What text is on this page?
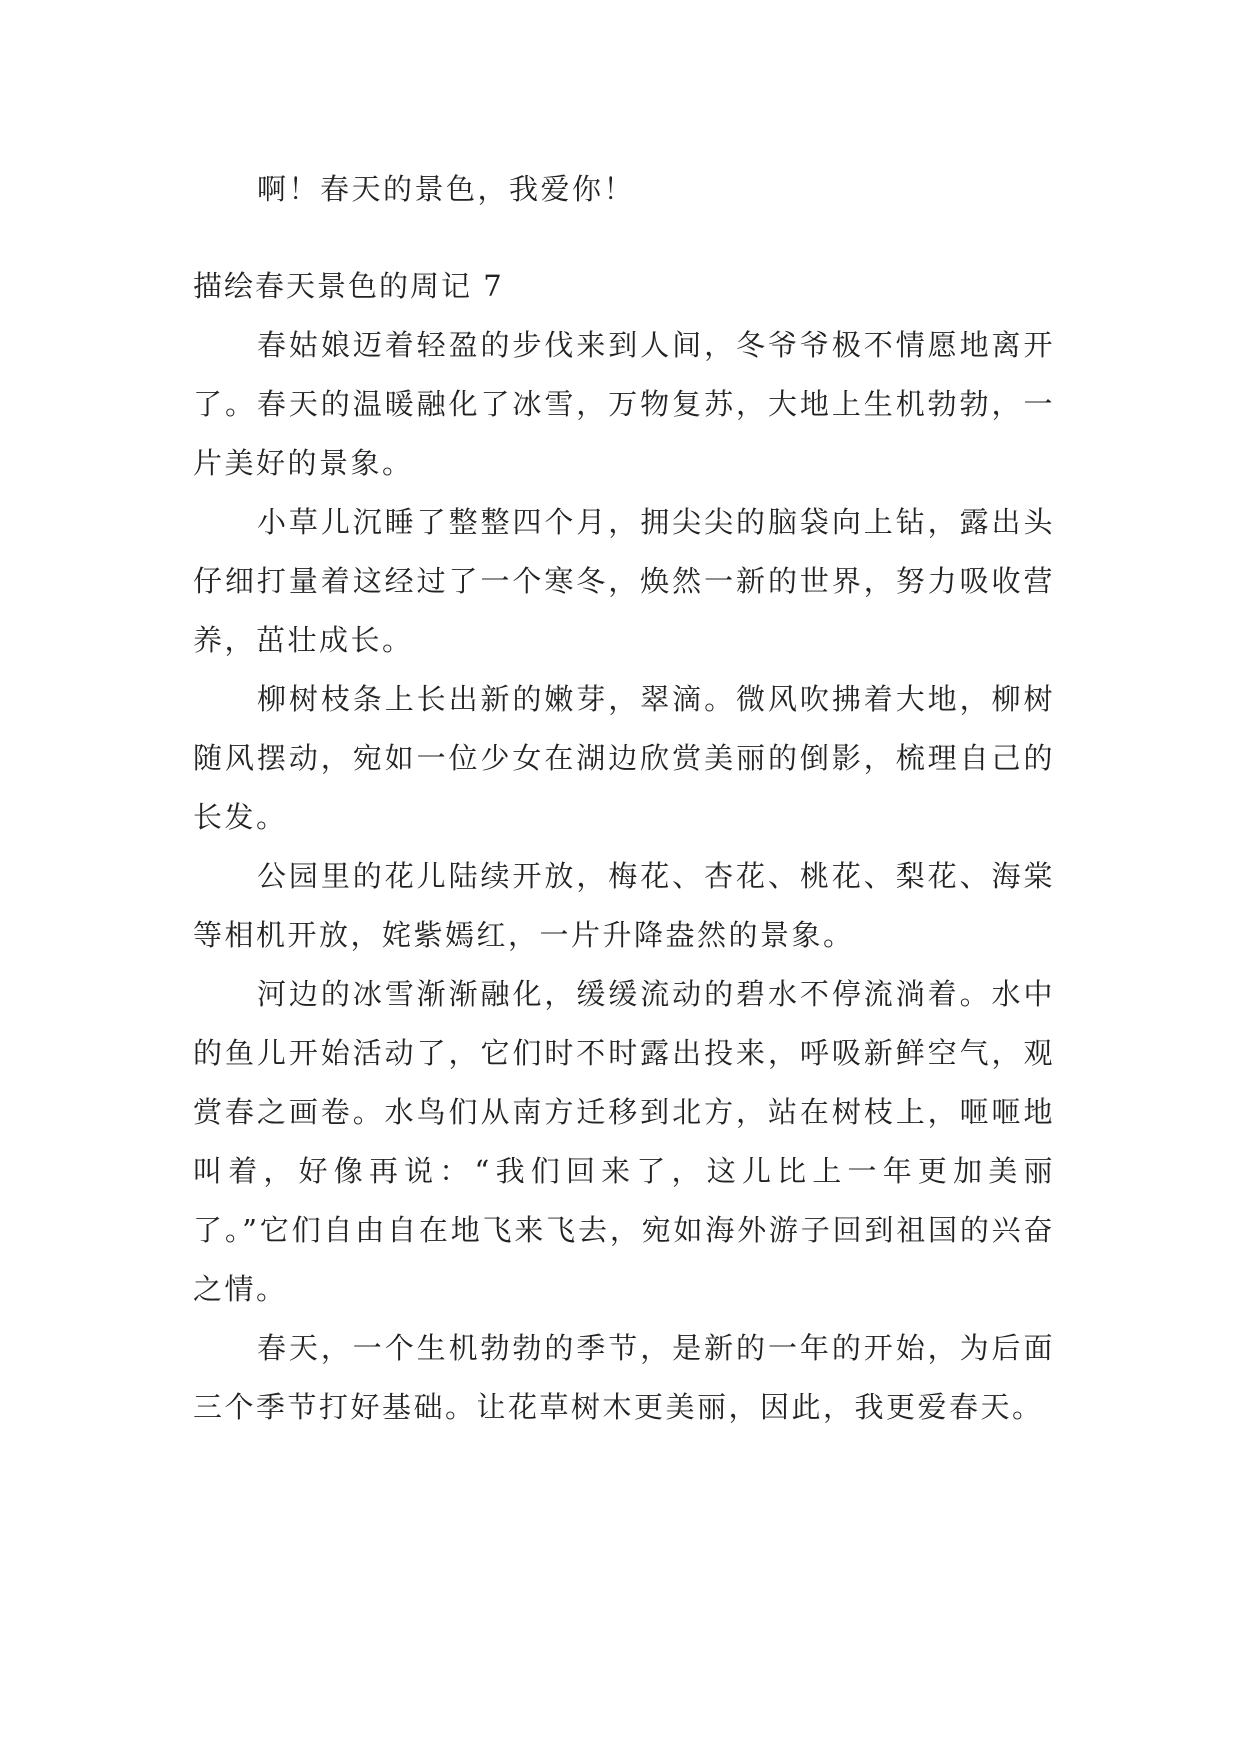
啊！春天的景色，我爱你！

描绘春天景色的周记 7

春姑娘迈着轻盈的步伐来到人间，冬爷爷极不情愿地离开了。春天的温暖融化了冰雪，万物复苏，大地上生机勃勃，一片美好的景象。

小草儿沉睡了整整四个月，拥尖尖的脑袋向上钻，露出头仔细打量着这经过了一个寒冬，焕然一新的世界，努力吸收营养，茁壮成长。

柳树枝条上长出新的嫩芽，翠滴。微风吹拂着大地，柳树随风摆动，宛如一位少女在湖边欣赏美丽的倒影，梳理自己的长发。

公园里的花儿陆续开放，梅花、杏花、桃花、梨花、海棠等相机开放，姹紫嫣红，一片升降盎然的景象。

河边的冰雪渐渐融化，缓缓流动的碧水不停流淌着。水中的鱼儿开始活动了，它们时不时露出投来，呼吸新鲜空气，观赏春之画卷。水鸟们从南方迁移到北方，站在树枝上，咂咂地叫着，好像再说：“我们回来了，这儿比上一年更加美丽了。”它们自由自在地飞来飞去，宛如海外游子回到祖国的兴奋之情。

春天，一个生机勃勃的季节，是新的一年的开始，为后面三个季节打好基础。让花草树木更美丽，因此，我更爱春天。
